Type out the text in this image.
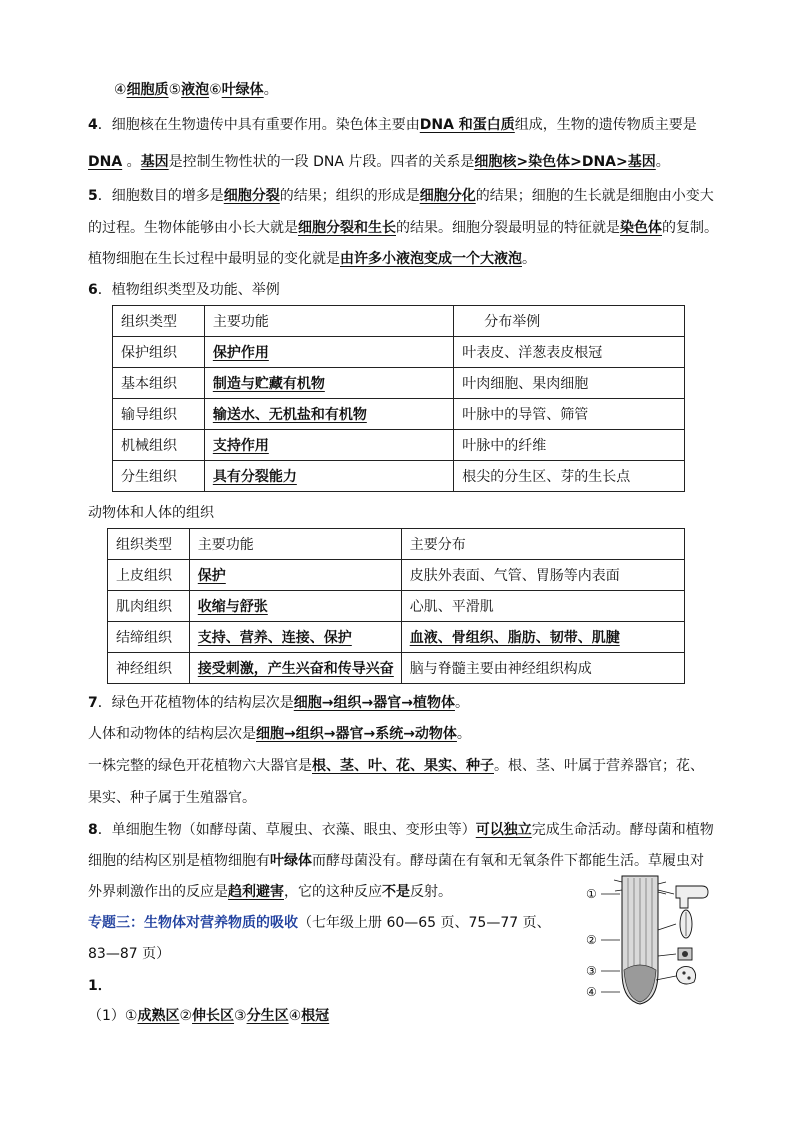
④细胞质⑤液泡⑥叶绿体。
4．细胞核在生物遗传中具有重要作用。染色体主要由DNA 和蛋白质组成，生物的遗传物质主要是
DNA 。基因是控制生物性状的一段 DNA 片段。四者的关系是细胞核>染色体>DNA>基因。
5．细胞数目的增多是细胞分裂的结果；组织的形成是细胞分化的结果；细胞的生长就是细胞由小变大
的过程。生物体能够由小长大就是细胞分裂和生长的结果。细胞分裂最明显的特征就是染色体的复制。
植物细胞在生长过程中最明显的变化就是由许多小液泡变成一个大液泡。
6．植物组织类型及功能、举例
组织类型	主要功能	分布举例
保护组织	保护作用	叶表皮、洋葱表皮根冠
基本组织	制造与贮藏有机物	叶肉细胞、果肉细胞
输导组织	输送水、无机盐和有机物	叶脉中的导管、筛管
机械组织	支持作用	叶脉中的纤维
分生组织	具有分裂能力	根尖的分生区、芽的生长点
动物体和人体的组织
组织类型	主要功能	主要分布
上皮组织	保护	皮肤外表面、气管、胃肠等内表面
肌肉组织	收缩与舒张	心肌、平滑肌
结缔组织	支持、营养、连接、保护	血液、骨组织、脂肪、韧带、肌腱
神经组织	接受刺激，产生兴奋和传导兴奋	脑与脊髓主要由神经组织构成
7．绿色开花植物体的结构层次是细胞→组织→器官→植物体。
人体和动物体的结构层次是细胞→组织→器官→系统→动物体。
一株完整的绿色开花植物六大器官是根、茎、叶、花、果实、种子。根、茎、叶属于营养器官；花、
果实、种子属于生殖器官。
8．单细胞生物（如酵母菌、草履虫、衣藻、眼虫、变形虫等）可以独立完成生命活动。酵母菌和植物
细胞的结构区别是植物细胞有叶绿体而酵母菌没有。酵母菌在有氧和无氧条件下都能生活。草履虫对
外界刺激作出的反应是趋利避害，它的这种反应不是反射。
专题三：生物体对营养物质的吸收（七年级上册 60—65 页、75—77 页、
83—87 页）
1．
（1）①成熟区②伸长区③分生区④根冠
①
②
③
④
